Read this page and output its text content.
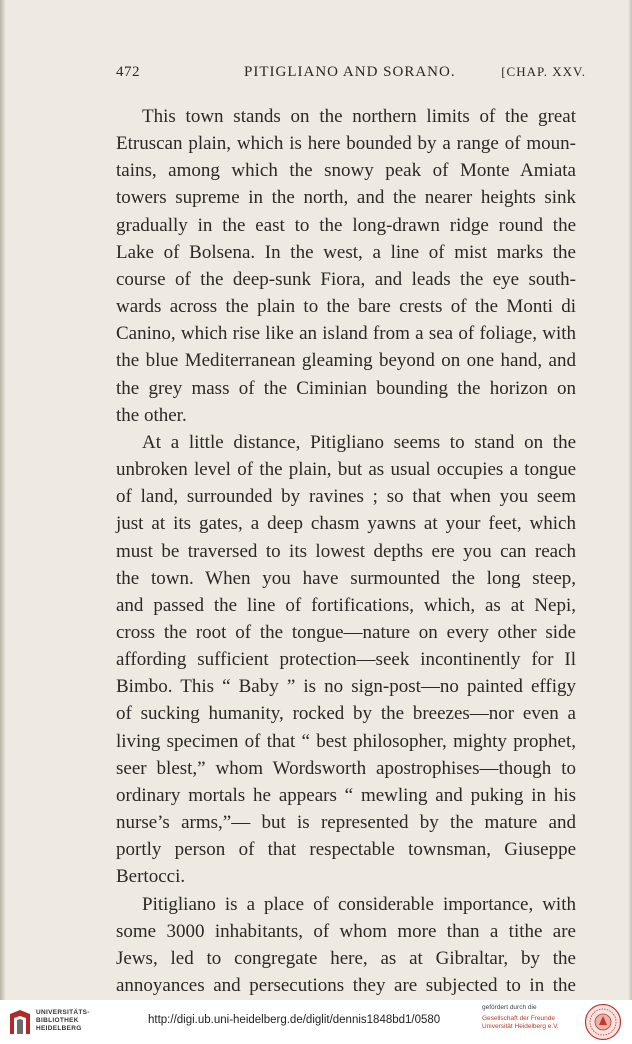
472	PITIGLIANO AND SORANO.	[CHAP. XXV.

This town stands on the northern limits of the great
Etruscan plain, which is here bounded by a range of moun-
tains, among which the snowy peak of Monte Amiata
towers supreme in the north, and the nearer heights sink
gradually in the east to the long-drawn ridge round the
Lake of Bolsena. In the west, a line of mist marks the
course of the deep-sunk Fiora, and leads the eye south-
wards across the plain to the bare crests of the Monti di
Canino, which rise like an island from a sea of foliage, with
the blue Mediterranean gleaming beyond on one hand, and
the grey mass of the Ciminian bounding the horizon on
the other.

At a little distance, Pitigliano seems to stand on the
unbroken level of the plain, but as usual occupies a tongue
of land, surrounded by ravines ; so that when you seem
just at its gates, a deep chasm yawns at your feet, which
must be traversed to its lowest depths ere you can reach
the town. When you have surmounted the long steep,
and passed the line of fortifications, which, as at Nepi,
cross the root of the tongue—nature on every other side
affording sufficient protection—seek incontinently for Il
Bimbo. This “ Baby ” is no sign-post—no painted effigy
of sucking humanity, rocked by the breezes—nor even a
living specimen of that “ best philosopher, mighty prophet,
seer blest,” whom Wordsworth apostrophises—though to
ordinary mortals he appears “ mewling and puking in his
nurse’s arms,”— but is represented by the mature and
portly person of that respectable townsman, Giuseppe
Bertocci.

Pitigliano is a place of considerable importance, with
some 3000 inhabitants, of whom more than a tithe are
Jews, led to congregate here, as at Gibraltar, by the
annoyances and persecutions they are subjected to in the

UNIVERSITÄTS-
BIBLIOTHEK
HEIDELBERG
http://digi.ub.uni-heidelberg.de/diglit/dennis1848bd1/0580
gefördert durch die
Gesellschaft der Freunde
Universität Heidelberg e.V.
